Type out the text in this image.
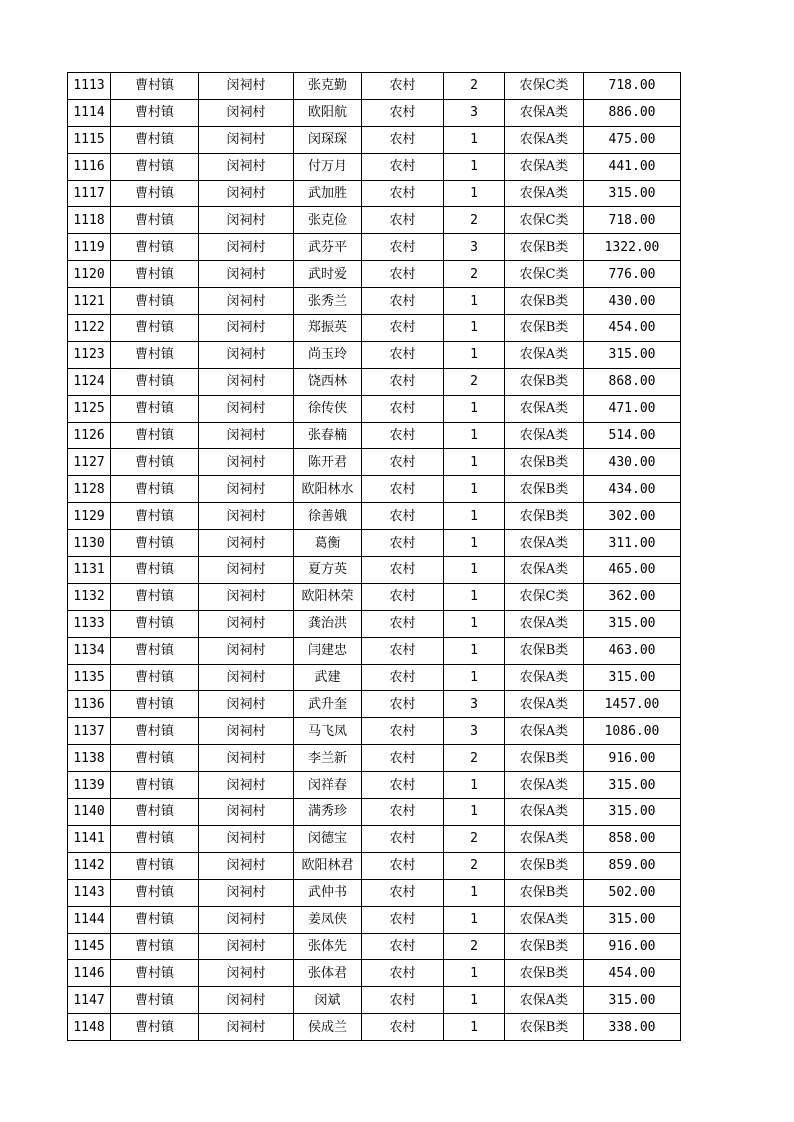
1113	曹村镇	闵祠村	张克勤	农村	2	农保C类	718.00
1114	曹村镇	闵祠村	欧阳航	农村	3	农保A类	886.00
1115	曹村镇	闵祠村	闵琛琛	农村	1	农保A类	475.00
1116	曹村镇	闵祠村	付万月	农村	1	农保A类	441.00
1117	曹村镇	闵祠村	武加胜	农村	1	农保A类	315.00
1118	曹村镇	闵祠村	张克俭	农村	2	农保C类	718.00
1119	曹村镇	闵祠村	武芬平	农村	3	农保B类	1322.00
1120	曹村镇	闵祠村	武时爱	农村	2	农保C类	776.00
1121	曹村镇	闵祠村	张秀兰	农村	1	农保B类	430.00
1122	曹村镇	闵祠村	郑振英	农村	1	农保B类	454.00
1123	曹村镇	闵祠村	尚玉玲	农村	1	农保A类	315.00
1124	曹村镇	闵祠村	饶西林	农村	2	农保B类	868.00
1125	曹村镇	闵祠村	徐传侠	农村	1	农保A类	471.00
1126	曹村镇	闵祠村	张春楠	农村	1	农保A类	514.00
1127	曹村镇	闵祠村	陈开君	农村	1	农保B类	430.00
1128	曹村镇	闵祠村	欧阳林水	农村	1	农保B类	434.00
1129	曹村镇	闵祠村	徐善娥	农村	1	农保B类	302.00
1130	曹村镇	闵祠村	葛衡	农村	1	农保A类	311.00
1131	曹村镇	闵祠村	夏方英	农村	1	农保A类	465.00
1132	曹村镇	闵祠村	欧阳林荣	农村	1	农保C类	362.00
1133	曹村镇	闵祠村	龚治洪	农村	1	农保A类	315.00
1134	曹村镇	闵祠村	闫建忠	农村	1	农保B类	463.00
1135	曹村镇	闵祠村	武建	农村	1	农保A类	315.00
1136	曹村镇	闵祠村	武升奎	农村	3	农保A类	1457.00
1137	曹村镇	闵祠村	马飞凤	农村	3	农保A类	1086.00
1138	曹村镇	闵祠村	李兰新	农村	2	农保B类	916.00
1139	曹村镇	闵祠村	闵祥春	农村	1	农保A类	315.00
1140	曹村镇	闵祠村	满秀珍	农村	1	农保A类	315.00
1141	曹村镇	闵祠村	闵德宝	农村	2	农保A类	858.00
1142	曹村镇	闵祠村	欧阳林君	农村	2	农保B类	859.00
1143	曹村镇	闵祠村	武仲书	农村	1	农保B类	502.00
1144	曹村镇	闵祠村	姜凤侠	农村	1	农保A类	315.00
1145	曹村镇	闵祠村	张体先	农村	2	农保B类	916.00
1146	曹村镇	闵祠村	张体君	农村	1	农保B类	454.00
1147	曹村镇	闵祠村	闵斌	农村	1	农保A类	315.00
1148	曹村镇	闵祠村	侯成兰	农村	1	农保B类	338.00
